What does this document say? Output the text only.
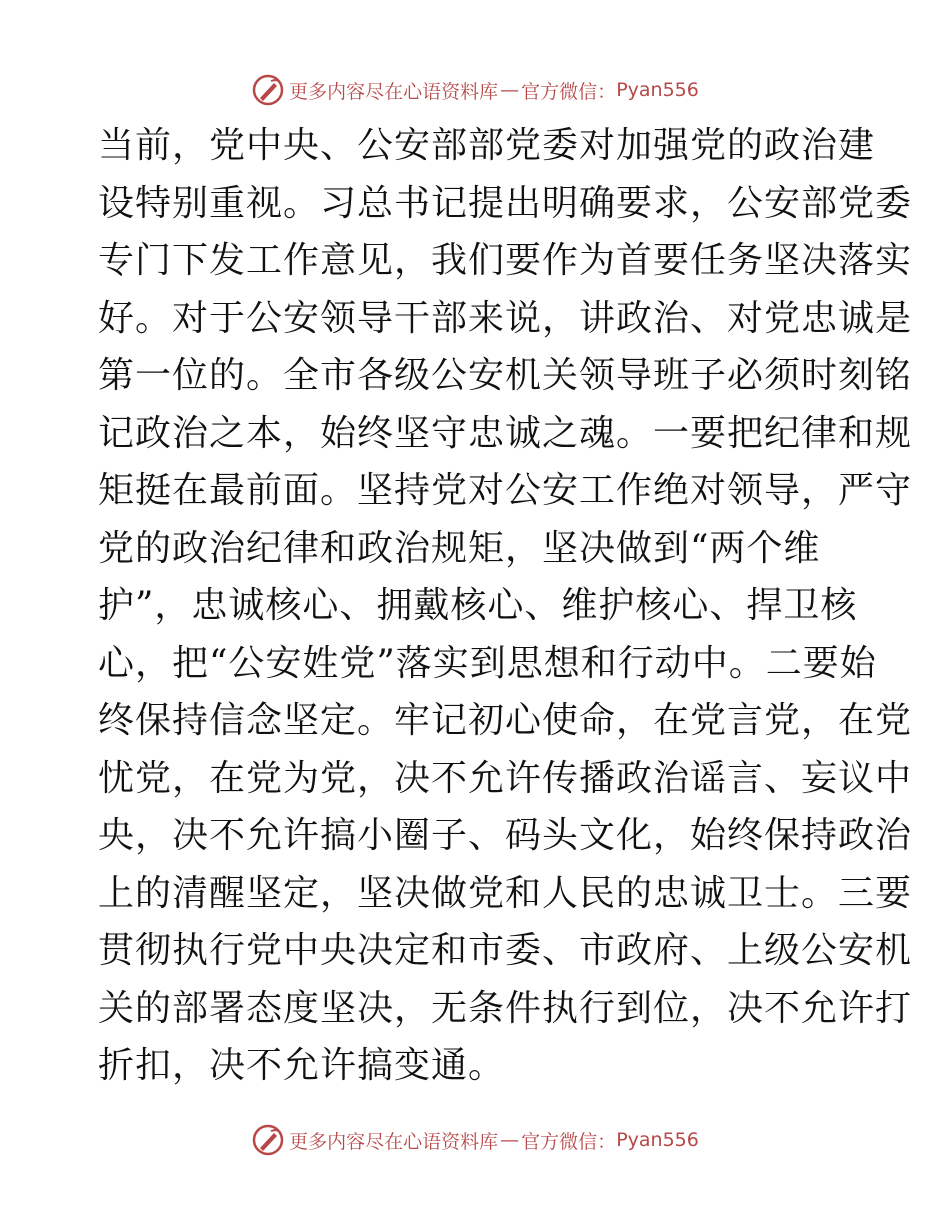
更多内容尽在心语资料库 — 官方微信： Pyan556
当前，党中央、公安部部党委对加强党的政治建
设特别重视。习总书记提出明确要求，公安部党委
专门下发工作意见，我们要作为首要任务坚决落实
好。对于公安领导干部来说，讲政治、对党忠诚是
第一位的。全市各级公安机关领导班子必须时刻铭
记政治之本，始终坚守忠诚之魂。一要把纪律和规
矩挺在最前面。坚持党对公安工作绝对领导，严守
党的政治纪律和政治规矩，坚决做到“两个维
护”，忠诚核心、拥戴核心、维护核心、捍卫核
心，把“公安姓党”落实到思想和行动中。二要始
终保持信念坚定。牢记初心使命，在党言党，在党
忧党，在党为党，决不允许传播政治谣言、妄议中
央，决不允许搞小圈子、码头文化，始终保持政治
上的清醒坚定，坚决做党和人民的忠诚卫士。三要
贯彻执行党中央决定和市委、市政府、上级公安机
关的部署态度坚决，无条件执行到位，决不允许打
折扣，决不允许搞变通。
更多内容尽在心语资料库 — 官方微信： Pyan556
